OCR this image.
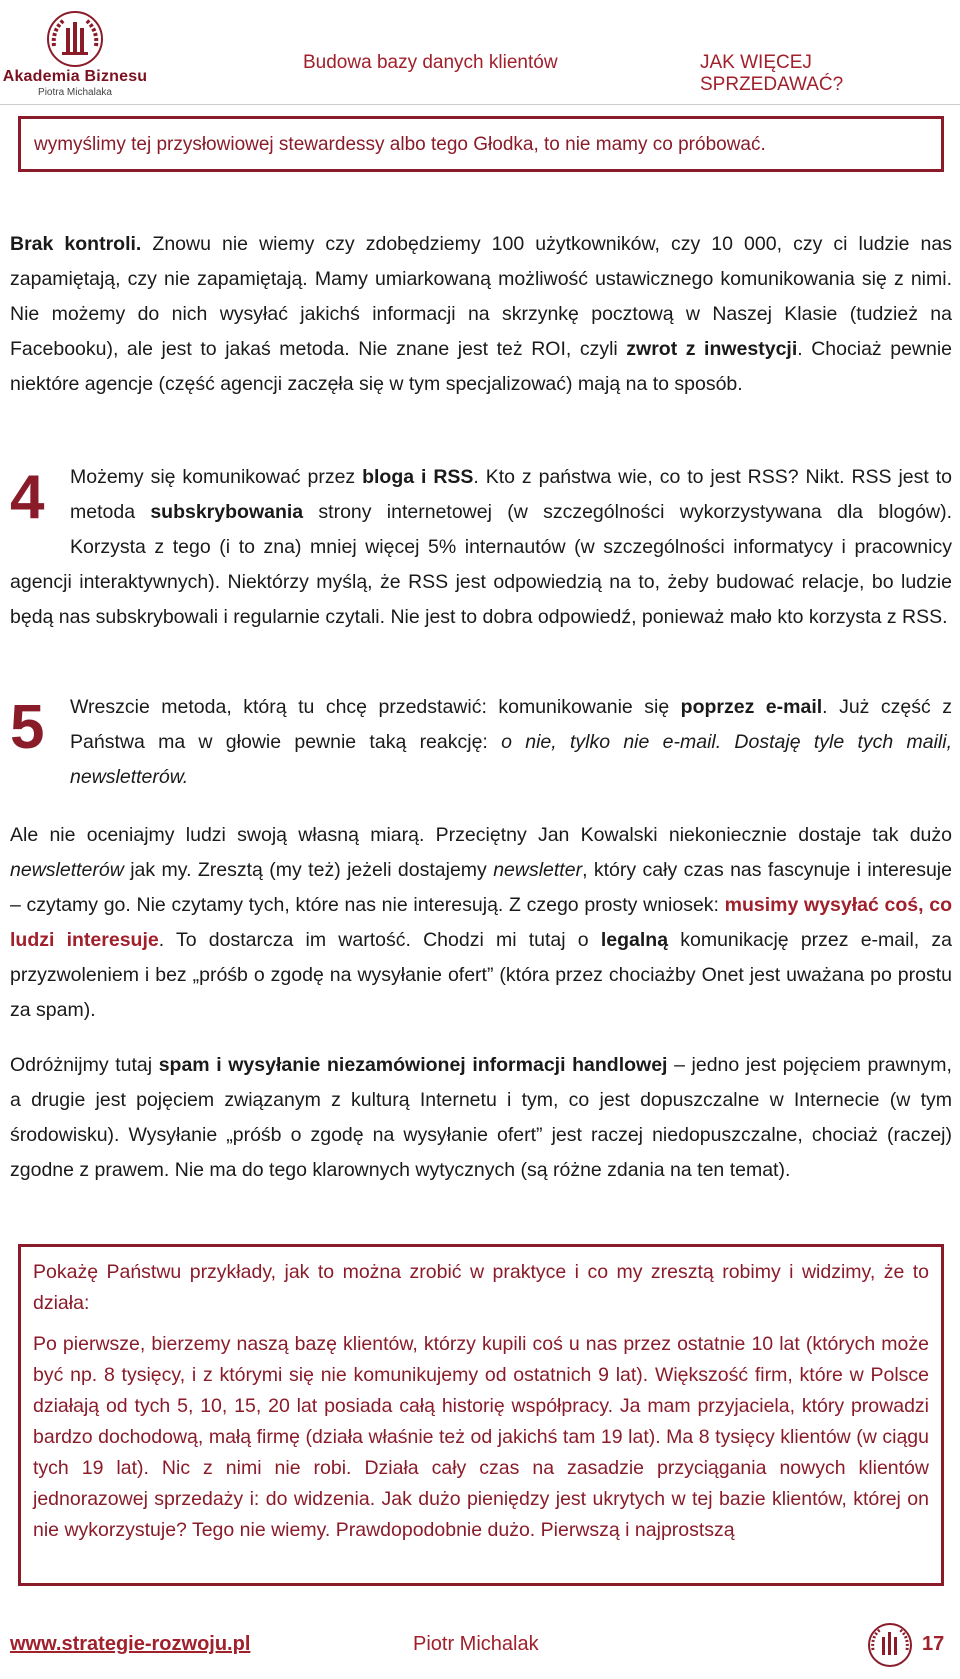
Akademia Biznesu
Piotra Michalaka
Budowa bazy danych klientów	JAK WIĘCEJ SPRZEDAWAĆ?

wymyślimy tej przysłowiowej stewardessy albo tego Głodka, to nie mamy co próbować.

Brak kontroli. Znowu nie wiemy czy zdobędziemy 100 użytkowników, czy 10 000, czy ci ludzie nas zapamiętają, czy nie zapamiętają. Mamy umiarkowaną możliwość ustawicznego komunikowania się z nimi. Nie możemy do nich wysyłać jakichś informacji na skrzynkę pocztową w Naszej Klasie (tudzież na Facebooku), ale jest to jakaś metoda. Nie znane jest też ROI, czyli zwrot z inwestycji. Chociaż pewnie niektóre agencje (część agencji zaczęła się w tym specjalizować) mają na to sposób.

4	Możemy się komunikować przez bloga i RSS. Kto z państwa wie, co to jest RSS? Nikt. RSS jest to metoda subskrybowania strony internetowej (w szczególności wykorzystywana dla blogów). Korzysta z tego (i to zna) mniej więcej 5% internautów (w szczególności informatycy i pracownicy agencji interaktywnych). Niektórzy myślą, że RSS jest odpowiedzią na to, żeby budować relacje, bo ludzie będą nas subskrybowali i regularnie czytali. Nie jest to dobra odpowiedź, ponieważ mało kto korzysta z RSS.

5	Wreszcie metoda, którą tu chcę przedstawić: komunikowanie się poprzez e-mail. Już część z Państwa ma w głowie pewnie taką reakcję: o nie, tylko nie e-mail. Dostaję tyle tych maili, newsletterów.

Ale nie oceniajmy ludzi swoją własną miarą. Przeciętny Jan Kowalski niekoniecznie dostaje tak dużo newsletterów jak my. Zresztą (my też) jeżeli dostajemy newsletter, który cały czas nas fascynuje i interesuje – czytamy go. Nie czytamy tych, które nas nie interesują. Z czego prosty wniosek: musimy wysyłać coś, co ludzi interesuje. To dostarcza im wartość. Chodzi mi tutaj o legalną komunikację przez e-mail, za przyzwoleniem i bez „próśb o zgodę na wysyłanie ofert” (która przez chociażby Onet jest uważana po prostu za spam).

Odróżnijmy tutaj spam i wysyłanie niezamówionej informacji handlowej – jedno jest pojęciem prawnym, a drugie jest pojęciem związanym z kulturą Internetu i tym, co jest dopuszczalne w Internecie (w tym środowisku). Wysyłanie „próśb o zgodę na wysyłanie ofert” jest raczej niedopuszczalne, chociaż (raczej) zgodne z prawem. Nie ma do tego klarownych wytycznych (są różne zdania na ten temat).

Pokażę Państwu przykłady, jak to można zrobić w praktyce i co my zresztą robimy i widzimy, że to działa:

Po pierwsze, bierzemy naszą bazę klientów, którzy kupili coś u nas przez ostatnie 10 lat (których może być np. 8 tysięcy, i z którymi się nie komunikujemy od ostatnich 9 lat). Większość firm, które w Polsce działają od tych 5, 10, 15, 20 lat posiada całą historię współpracy. Ja mam przyjaciela, który prowadzi bardzo dochodową, małą firmę (działa właśnie też od jakichś tam 19 lat). Ma 8 tysięcy klientów (w ciągu tych 19 lat). Nic z nimi nie robi. Działa cały czas na zasadzie przyciągania nowych klientów jednorazowej sprzedaży i: do widzenia. Jak dużo pieniędzy jest ukrytych w tej bazie klientów, której on nie wykorzystuje? Tego nie wiemy. Prawdopodobnie dużo. Pierwszą i najprostszą

www.strategie-rozwoju.pl	Piotr Michalak	17
